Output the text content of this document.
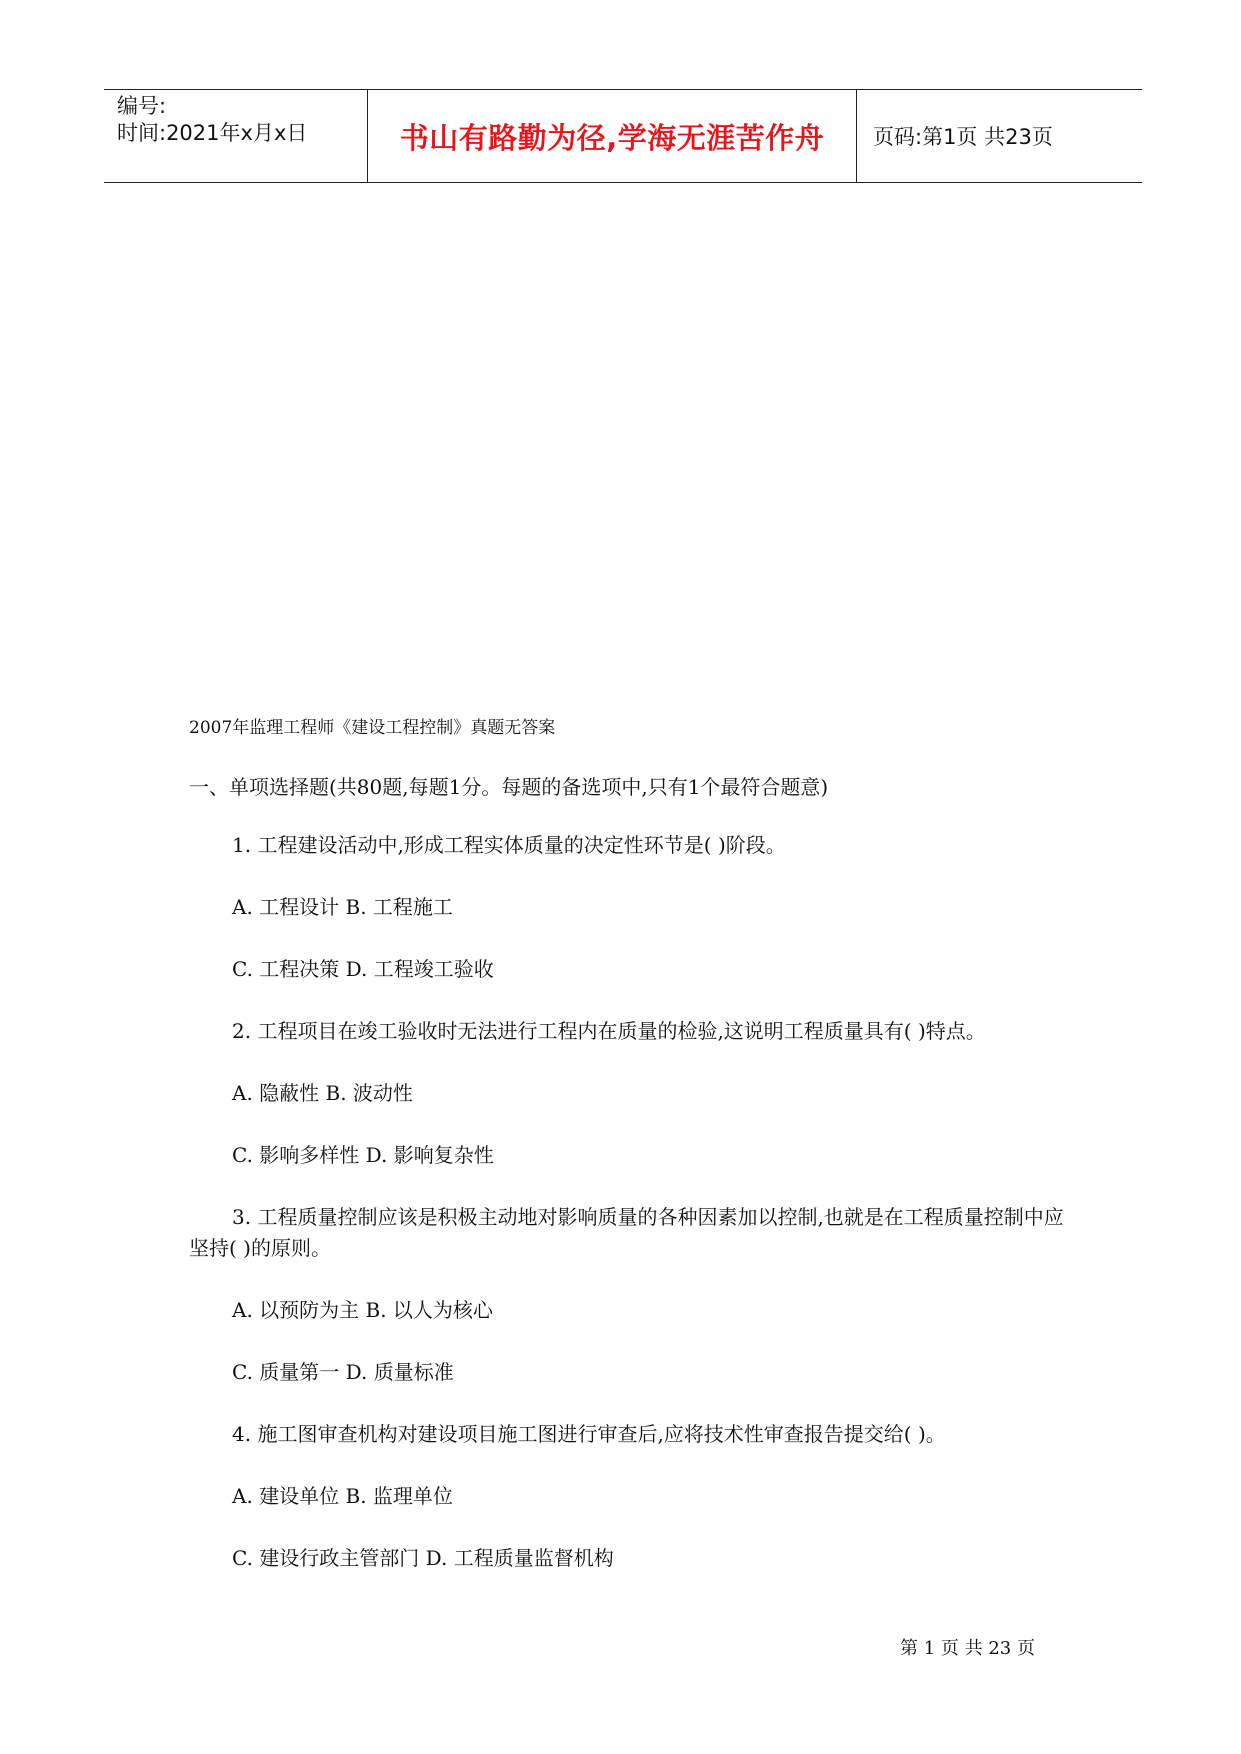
编号:
时间:2021年x月x日	书山有路勤为径,学海无涯苦作舟 页码:第1页 共23页
2007年监理工程师《建设工程控制》真题无答案
一、单项选择题(共80题,每题1分。每题的备选项中,只有1个最符合题意)
1. 工程建设活动中,形成工程实体质量的决定性环节是( )阶段。
A. 工程设计 B. 工程施工
C. 工程决策 D. 工程竣工验收
2. 工程项目在竣工验收时无法进行工程内在质量的检验,这说明工程质量具有( )特点。
A. 隐蔽性 B. 波动性
C. 影响多样性 D. 影响复杂性
3. 工程质量控制应该是积极主动地对影响质量的各种因素加以控制,也就是在工程质量控制中应坚持( )的原则。
A. 以预防为主 B. 以人为核心
C. 质量第一 D. 质量标准
4. 施工图审查机构对建设项目施工图进行审查后,应将技术性审查报告提交给( )。
A. 建设单位 B. 监理单位
C. 建设行政主管部门 D. 工程质量监督机构
第 1 页 共 23 页
